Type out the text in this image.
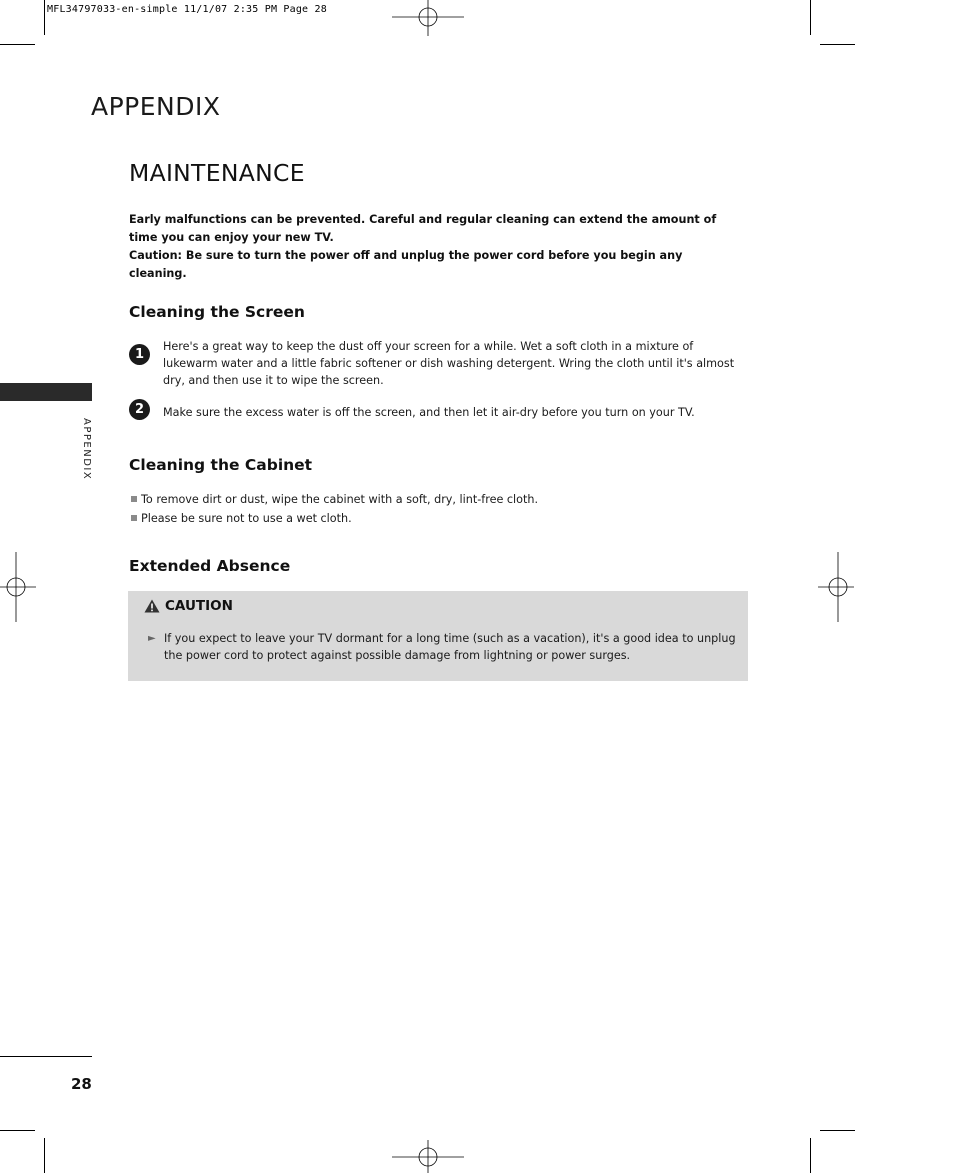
MFL34797033-en-simple 11/1/07 2:35 PM Page 28
APPENDIX
APPENDIX
MAINTENANCE

Early malfunctions can be prevented. Careful and regular cleaning can extend the amount of time you can enjoy your new TV.

Caution: Be sure to turn the power off and unplug the power cord before you begin any cleaning.

Cleaning the Screen
1
Here's a great way to keep the dust off your screen for a while. Wet a soft cloth in a mixture of lukewarm water and a little fabric softener or dish washing detergent. Wring the cloth until it's almost dry, and then use it to wipe the screen.
2	Make sure the excess water is off the screen, and then let it air-dry before you turn on your TV.
Cleaning the Cabinet
To remove dirt or dust, wipe the cabinet with a soft, dry, lint-free cloth.
Please be sure not to use a wet cloth.
Extended Absence
CAUTION
► If you expect to leave your TV dormant for a long time (such as a vacation), it's a good idea to unplug the power cord to protect against possible damage from lightning or power surges.
28
